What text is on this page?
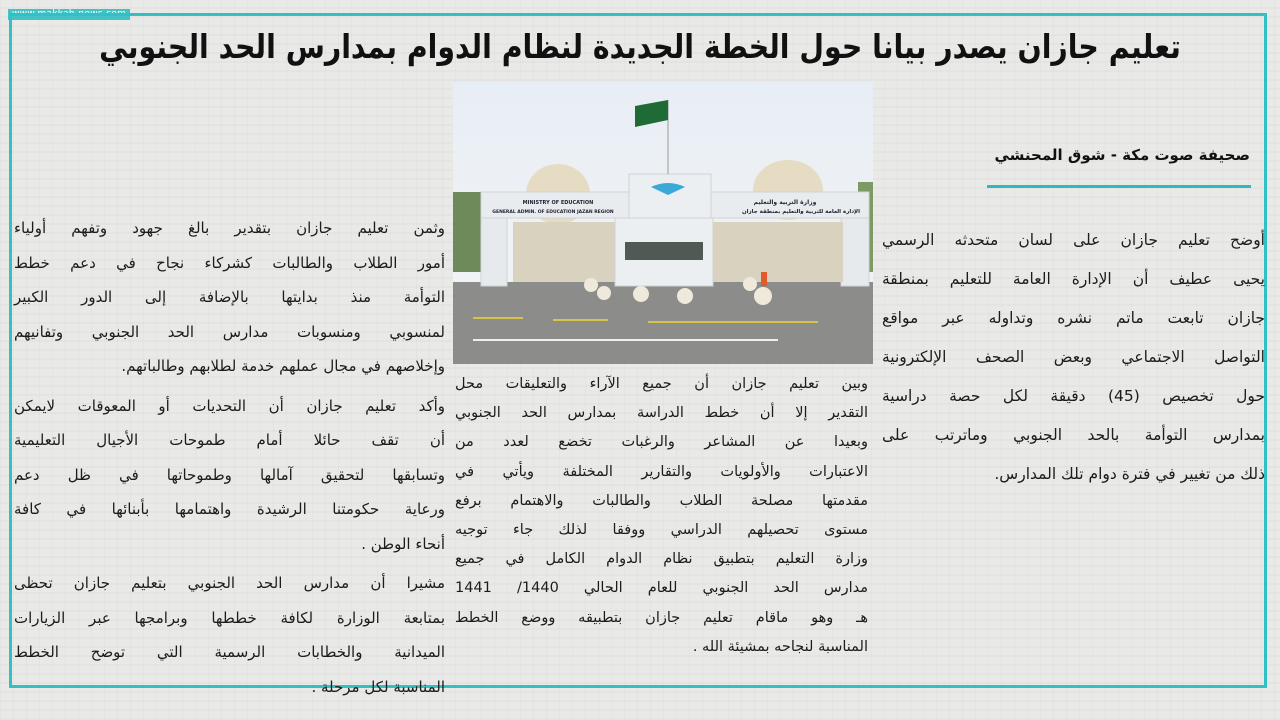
www.makkah-news.com
تعليم جازان يصدر بيانا حول الخطة الجديدة لنظام الدوام بمدارس الحد الجنوبي
MINISTRY OF EDUCATION
GENERAL ADMIN. OF EDUCATION JAZAN REGION
وزارة التربية والتعليم
الإدارة العامة للتربية والتعليم بمنطقة جازان
صحيفة صوت مكة - شوق المحنشي
أوضح تعليم جازان على لسان متحدثه الرسمي
يحيى عطيف أن الإدارة العامة للتعليم بمنطقة
جازان تابعت ماتم نشره وتداوله عبر مواقع
التواصل الاجتماعي وبعض الصحف الإلكترونية
حول تخصيص (45) دقيقة لكل حصة دراسية
بمدارس التوأمة بالحد الجنوبي وماترتب على
ذلك من تغيير في فترة دوام تلك المدارس.
وبين تعليم جازان أن جميع الآراء والتعليقات محل
التقدير إلا أن خطط الدراسة بمدارس الحد الجنوبي
وبعيدا عن المشاعر والرغبات تخضع لعدد من
الاعتبارات والأولويات والتقارير المختلفة ويأتي في
مقدمتها مصلحة الطلاب والطالبات والاهتمام برفع
مستوى تحصيلهم الدراسي ووفقا لذلك جاء توجيه
وزارة التعليم بتطبيق نظام الدوام الكامل في جميع
مدارس الحد الجنوبي للعام الحالي 1440/ 1441
هـ وهو ماقام تعليم جازان بتطبيقه ووضع الخطط
المناسبة لنجاحه بمشيئة الله .
وثمن تعليم جازان بتقدير بالغ جهود وتفهم أولياء
أمور الطلاب والطالبات كشركاء نجاح في دعم خطط
التوأمة منذ بدايتها بالإضافة إلى الدور الكبير
لمنسوبي ومنسوبات مدارس الحد الجنوبي وتفانيهم
وإخلاصهم في مجال عملهم خدمة لطلابهم وطالباتهم.
وأكد تعليم جازان أن التحديات أو المعوقات لايمكن
أن تقف حائلا أمام طموحات الأجيال التعليمية
وتسابقها لتحقيق آمالها وطموحاتها في ظل دعم
ورعاية حكومتنا الرشيدة واهتمامها بأبنائها في كافة
أنحاء الوطن .
مشيرا أن مدارس الحد الجنوبي بتعليم جازان تحظى
بمتابعة الوزارة لكافة خططها وبرامجها عبر الزيارات
الميدانية والخطابات الرسمية التي توضح الخطط
المناسبة لكل مرحلة .
